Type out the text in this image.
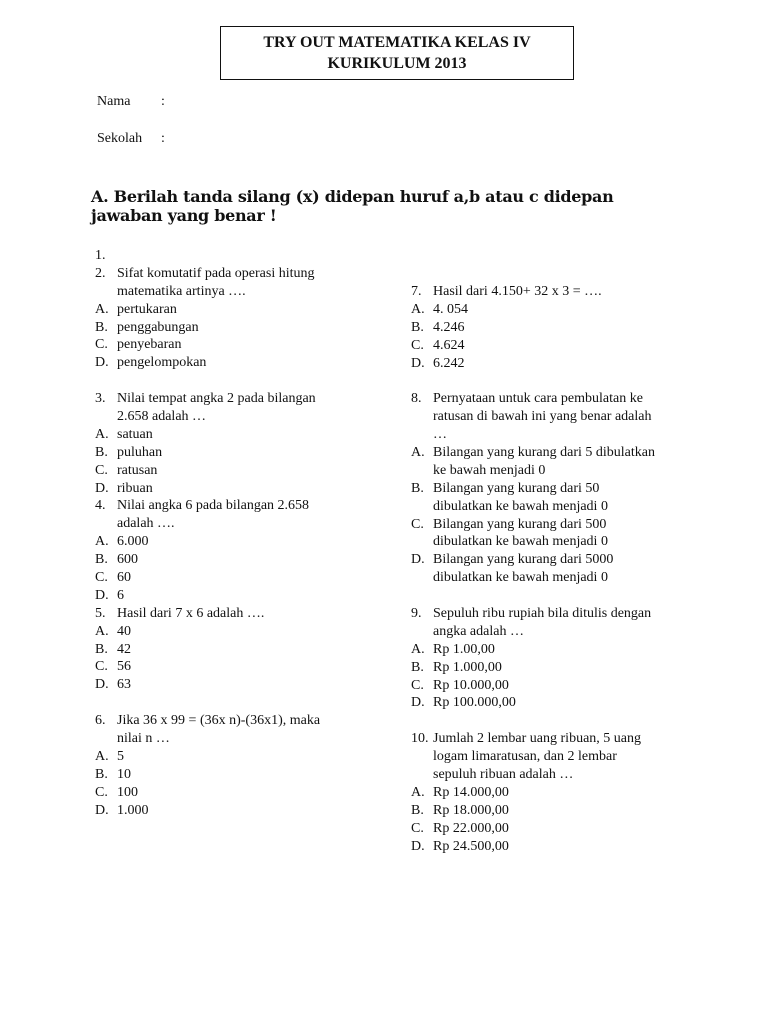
TRY OUT MATEMATIKA KELAS IV
KURIKULUM 2013
Nama :
Sekolah :
A. Berilah tanda silang (x) didepan huruf a,b atau c didepan jawaban yang benar !
1.
2. Sifat komutatif pada operasi hitung
matematika artinya ….
A. pertukaran
B. penggabungan
C. penyebaran
D. pengelompokan
3. Nilai tempat angka 2 pada bilangan
2.658 adalah …
A. satuan
B. puluhan
C. ratusan
D. ribuan
4. Nilai angka 6 pada bilangan 2.658
adalah ….
A. 6.000
B. 600
C. 60
D. 6
5. Hasil dari 7 x 6 adalah ….
A. 40
B. 42
C. 56
D. 63
6. Jika 36 x 99 = (36x n)-(36x1), maka
nilai n …
A. 5
B. 10
C. 100
D. 1.000
7. Hasil dari 4.150+ 32 x 3 = ….
A. 4. 054
B. 4.246
C. 4.624
D. 6.242
8. Pernyataan untuk cara pembulatan ke
ratusan di bawah ini yang benar adalah
…
A. Bilangan yang kurang dari 5 dibulatkan
ke bawah menjadi 0
B. Bilangan yang kurang dari 50
dibulatkan ke bawah menjadi 0
C. Bilangan yang kurang dari 500
dibulatkan ke bawah menjadi 0
D. Bilangan yang kurang dari 5000
dibulatkan ke bawah menjadi 0
9. Sepuluh ribu rupiah bila ditulis dengan
angka adalah …
A. Rp 1.00,00
B. Rp 1.000,00
C. Rp 10.000,00
D. Rp 100.000,00
10. Jumlah 2 lembar uang ribuan, 5 uang
logam limaratusan, dan 2 lembar
sepuluh ribuan adalah …
A. Rp 14.000,00
B. Rp 18.000,00
C. Rp 22.000,00
D. Rp 24.500,00
